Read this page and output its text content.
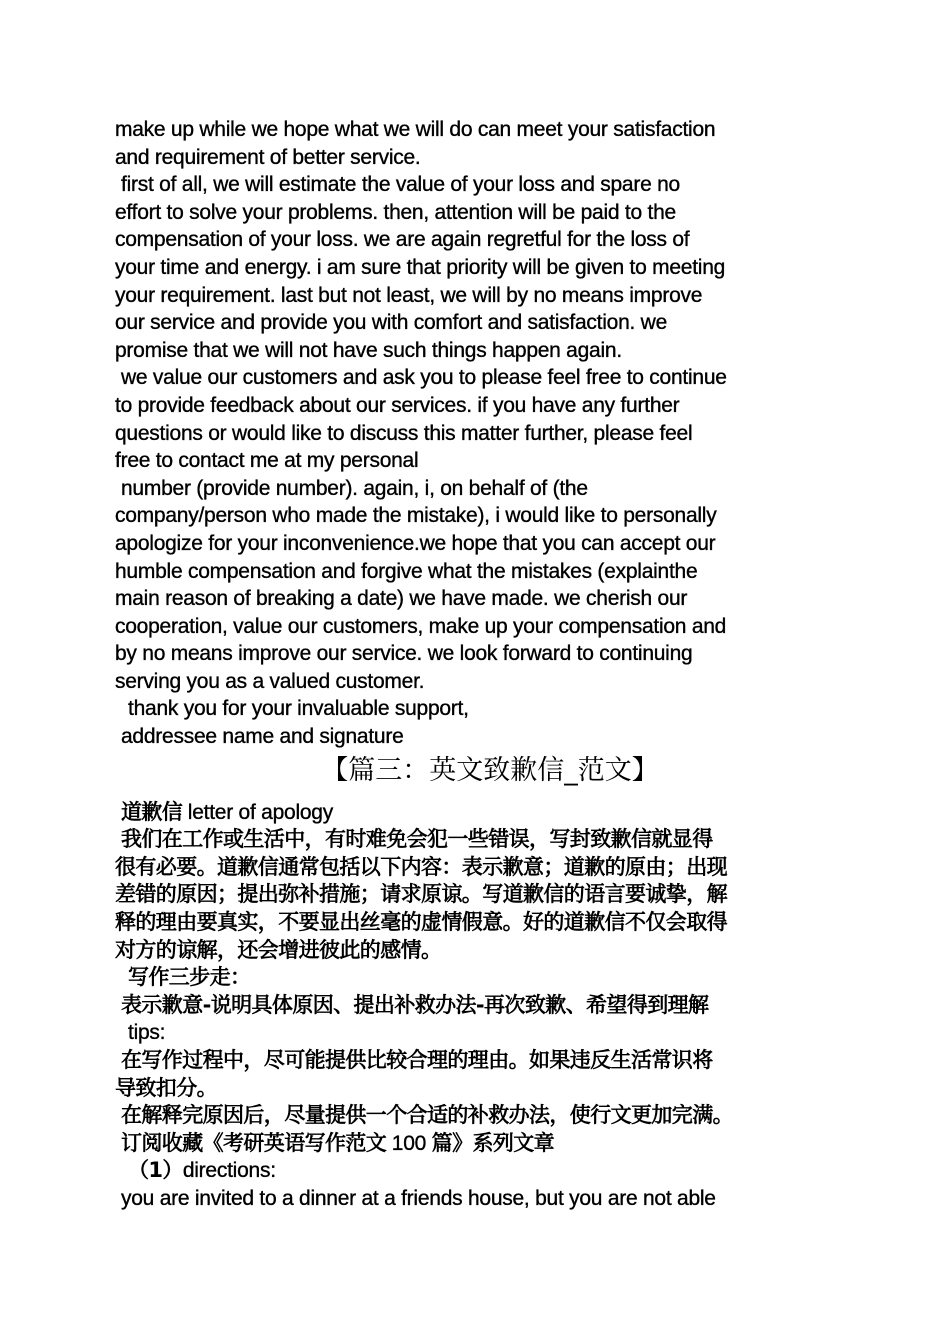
make up while we hope what we will do can meet your satisfaction

and requirement of better service.

first of all, we will estimate the value of your loss and spare no

effort to solve your problems. then, attention will be paid to the

compensation of your loss. we are again regretful for the loss of

your time and energy. i am sure that priority will be given to meeting

your requirement. last but not least, we will by no means improve

our service and provide you with comfort and satisfaction. we

promise that we will not have such things happen again.

we value our customers and ask you to please feel free to continue

to provide feedback about our services. if you have any further

questions or would like to discuss this matter further, please feel

free to contact me at my personal

number (provide number). again, i, on behalf of (the

company/person who made the mistake), i would like to personally

apologize for your inconvenience.we hope that you can accept our

humble compensation and forgive what the mistakes (explainthe

main reason of breaking a date) we have made. we cherish our

cooperation, value our customers, make up your compensation and

by no means improve our service. we look forward to continuing

serving you as a valued customer.

thank you for your invaluable support,

addressee name and signature

【篇三：英文致歉信_范文】

道歉信 letter of apology

我们在工作或生活中，有时难免会犯一些错误，写封致歉信就显得

很有必要。道歉信通常包括以下内容：表示歉意；道歉的原由；出现

差错的原因；提出弥补措施；请求原谅。写道歉信的语言要诚挚，解

释的理由要真实，不要显出丝毫的虚情假意。好的道歉信不仅会取得

对方的谅解，还会增进彼此的感情。

写作三步走：

表示歉意-说明具体原因、提出补救办法-再次致歉、希望得到理解

tips:

在写作过程中，尽可能提供比较合理的理由。如果违反生活常识将

导致扣分。

在解释完原因后，尽量提供一个合适的补救办法，使行文更加完满。

订阅收藏《考研英语写作范文 100 篇》系列文章

（1）directions:

you are invited to a dinner at a friends house, but you are not able
